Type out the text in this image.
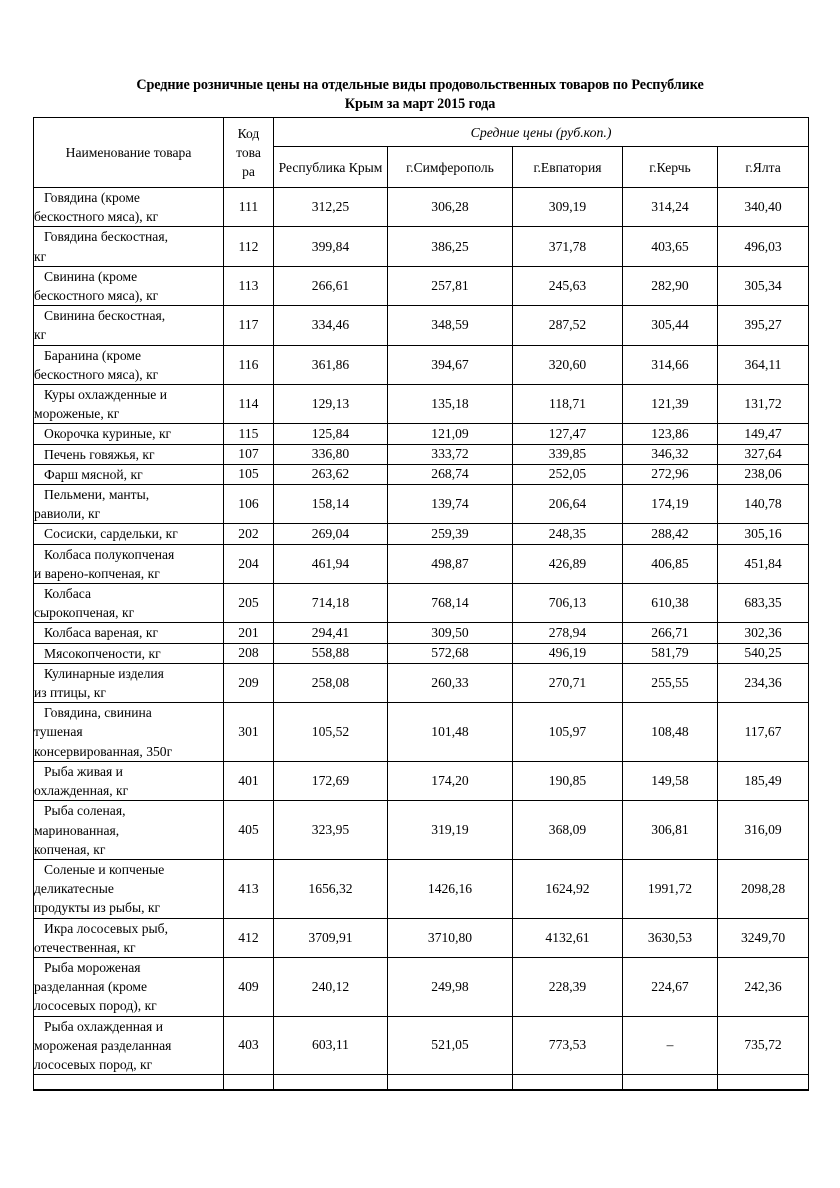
Средние розничные цены на отдельные виды продовольственных товаров по Республике Крым за март 2015 года
Наименование товара	Код
това
ра	Средние цены (руб.коп.)				
		Республика Крым	г.Симферополь	г.Евпатория	г.Керчь	г.Ялта

Говядина (кроме
бескостного мяса), кг	111	312,25	306,28	309,19	314,24	340,40

Говядина бескостная,
кг	112	399,84	386,25	371,78	403,65	496,03

Свинина (кроме
бескостного мяса), кг	113	266,61	257,81	245,63	282,90	305,34

Свинина бескостная,
кг	117	334,46	348,59	287,52	305,44	395,27

Баранина (кроме
бескостного мяса), кг	116	361,86	394,67	320,60	314,66	364,11

Куры охлажденные и
мороженые, кг	114	129,13	135,18	118,71	121,39	131,72

Окорочка куриные, кг	115	125,84	121,09	127,47	123,86	149,47

Печень говяжья, кг	107	336,80	333,72	339,85	346,32	327,64

Фарш мясной, кг	105	263,62	268,74	252,05	272,96	238,06

Пельмени, манты,
равиоли, кг	106	158,14	139,74	206,64	174,19	140,78

Сосиски, сардельки, кг	202	269,04	259,39	248,35	288,42	305,16

Колбаса полукопченая
и варено-копченая, кг	204	461,94	498,87	426,89	406,85	451,84

Колбаса
сырокопченая, кг	205	714,18	768,14	706,13	610,38	683,35

Колбаса вареная, кг	201	294,41	309,50	278,94	266,71	302,36

Мясокопчености, кг	208	558,88	572,68	496,19	581,79	540,25

Кулинарные изделия
из птицы, кг	209	258,08	260,33	270,71	255,55	234,36

Говядина, свинина
тушеная
консервированная, 350г	301	105,52	101,48	105,97	108,48	117,67

Рыба живая и
охлажденная, кг	401	172,69	174,20	190,85	149,58	185,49

Рыба соленая,
маринованная,
копченая, кг	405	323,95	319,19	368,09	306,81	316,09

Соленые и копченые
деликатесные
продукты из рыбы, кг	413	1656,32	1426,16	1624,92	1991,72	2098,28

Икра лососевых рыб,
отечественная, кг	412	3709,91	3710,80	4132,61	3630,53	3249,70

Рыба мороженая
разделанная (кроме
лососевых пород), кг	409	240,12	249,98	228,39	224,67	242,36

Рыба охлажденная и
мороженая разделанная
лососевых пород, кг	403	603,11	521,05	773,53	–	735,72
